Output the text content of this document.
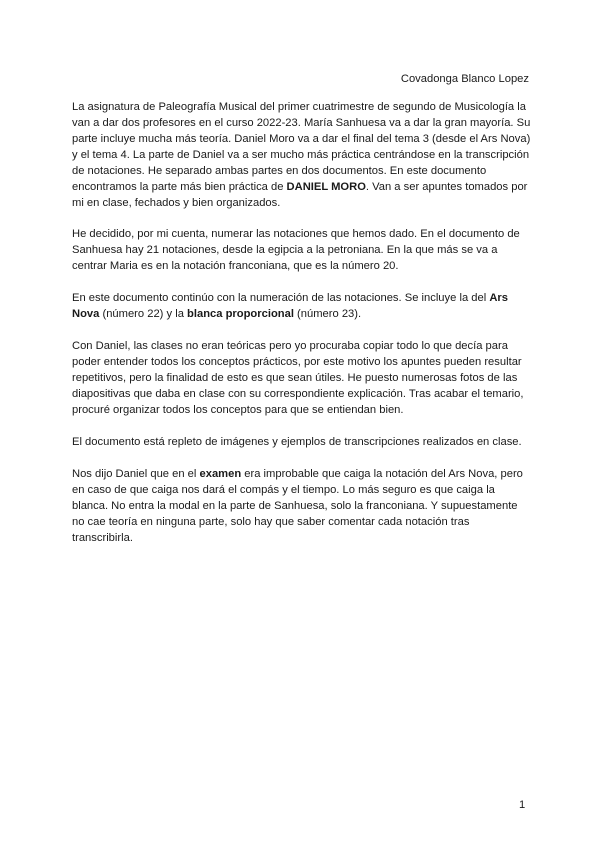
Covadonga Blanco Lopez

La asignatura de Paleografía Musical del primer cuatrimestre de segundo de Musicología la van a dar dos profesores en el curso 2022-23. María Sanhuesa va a dar la gran mayoría. Su parte incluye mucha más teoría. Daniel Moro va a dar el final del tema 3 (desde el Ars Nova) y el tema 4. La parte de Daniel va a ser mucho más práctica centrándose en la transcripción de notaciones. He separado ambas partes en dos documentos. En este documento encontramos la parte más bien práctica de DANIEL MORO. Van a ser apuntes tomados por mi en clase, fechados y bien organizados.

He decidido, por mi cuenta, numerar las notaciones que hemos dado. En el documento de Sanhuesa hay 21 notaciones, desde la egipcia a la petroniana. En la que más se va a centrar Maria es en la notación franconiana, que es la número 20.

En este documento continúo con la numeración de las notaciones. Se incluye la del Ars Nova (número 22) y la blanca proporcional (número 23).

Con Daniel, las clases no eran teóricas pero yo procuraba copiar todo lo que decía para poder entender todos los conceptos prácticos, por este motivo los apuntes pueden resultar repetitivos, pero la finalidad de esto es que sean útiles. He puesto numerosas fotos de las diapositivas que daba en clase con su correspondiente explicación. Tras acabar el temario, procuré organizar todos los conceptos para que se entiendan bien.

El documento está repleto de imágenes y ejemplos de transcripciones realizados en clase.

Nos dijo Daniel que en el examen era improbable que caiga la notación del Ars Nova, pero en caso de que caiga nos dará el compás y el tiempo. Lo más seguro es que caiga la blanca. No entra la modal en la parte de Sanhuesa, solo la franconiana. Y supuestamente no cae teoría en ninguna parte, solo hay que saber comentar cada notación tras transcribirla.

1
